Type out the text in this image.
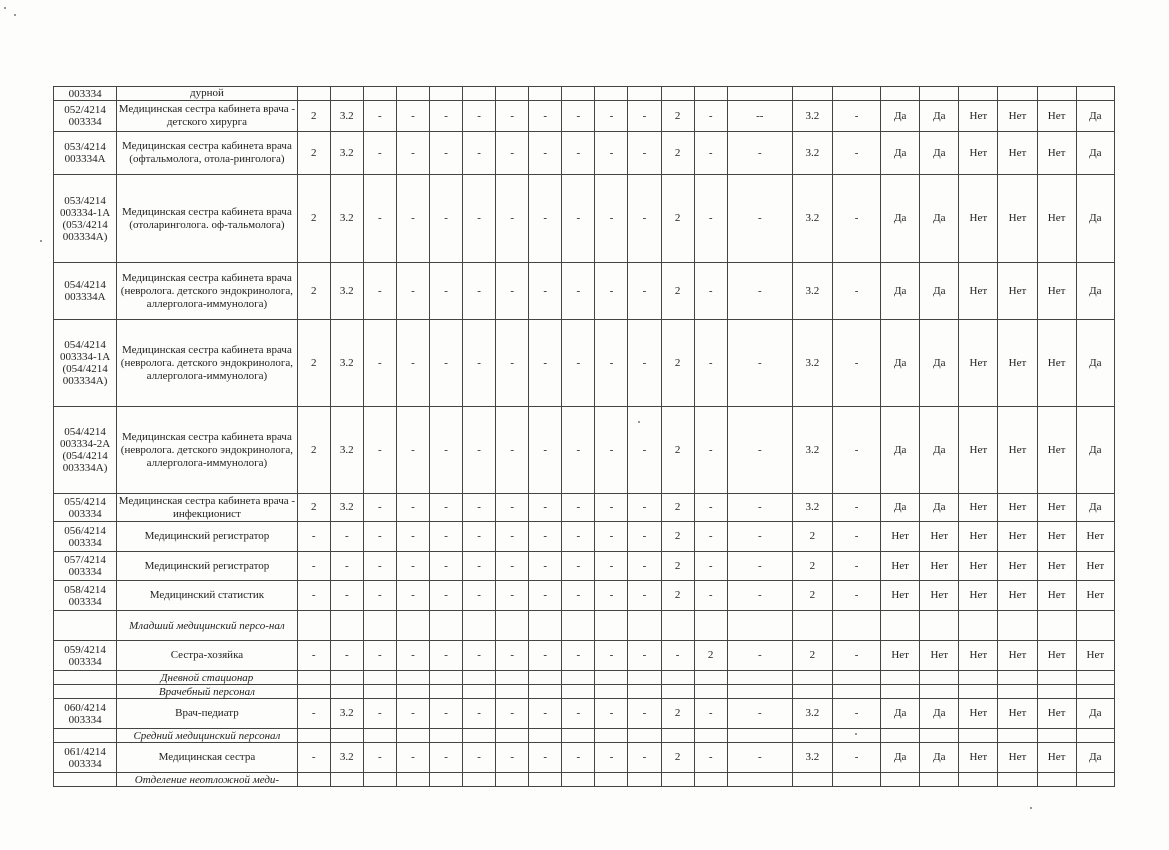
003334	дурной																						
052/4214 003334	Медицинская сестра кабинета врача - детского хирурга	2	3.2	-	-	-	-	-	-	-	-	-	2	-	--	3.2	-	Да	Да	Нет	Нет	Нет	Да
053/4214 003334А	Медицинская сестра кабинета врача (офтальмолога, отола-ринголога)	2	3.2	-	-	-	-	-	-	-	-	-	2	-	-	3.2	-	Да	Да	Нет	Нет	Нет	Да
053/4214 003334-1А (053/4214 003334А)	Медицинская сестра кабинета врача (отоларинголога. оф-тальмолога)	2	3.2	-	-	-	-	-	-	-	-	-	2	-	-	3.2	-	Да	Да	Нет	Нет	Нет	Да
054/4214 003334А	Медицинская сестра кабинета врача (невролога. детского эндокринолога, аллерголога-иммунолога)	2	3.2	-	-	-	-	-	-	-	-	-	2	-	-	3.2	-	Да	Да	Нет	Нет	Нет	Да
054/4214 003334-1А (054/4214 003334А)	Медицинская сестра кабинета врача (невролога. детского эндокринолога, аллерголога-иммунолога)	2	3.2	-	-	-	-	-	-	-	-	-	2	-	-	3.2	-	Да	Да	Нет	Нет	Нет	Да
054/4214 003334-2А (054/4214 003334А)	Медицинская сестра кабинета врача (невролога. детского эндокринолога, аллерголога-иммунолога)	2	3.2	-	-	-	-	-	-	-	-	-	2	-	-	3.2	-	Да	Да	Нет	Нет	Нет	Да
055/4214 003334	Медицинская сестра кабинета врача - инфекционист	2	3.2	-	-	-	-	-	-	-	-	-	2	-	-	3.2	-	Да	Да	Нет	Нет	Нет	Да
056/4214 003334	Медицинский регистратор	-	-	-	-	-	-	-	-	-	-	-	2	-	-	2	-	Нет	Нет	Нет	Нет	Нет	Нет
057/4214 003334	Медицинский регистратор	-	-	-	-	-	-	-	-	-	-	-	2	-	-	2	-	Нет	Нет	Нет	Нет	Нет	Нет
058/4214 003334	Медицинский статистик	-	-	-	-	-	-	-	-	-	-	-	2	-	-	2	-	Нет	Нет	Нет	Нет	Нет	Нет
	Младший медицинский персо-нал																						
059/4214 003334	Сестра-хозяйка	-	-	-	-	-	-	-	-	-	-	-	-	2	-	2	-	Нет	Нет	Нет	Нет	Нет	Нет
	Дневной стационар																						
	Врачебный персонал																						
060/4214 003334	Врач-педиатр	-	3.2	-	-	-	-	-	-	-	-	-	2	-	-	3.2	-	Да	Да	Нет	Нет	Нет	Да
	Средний медицинский персонал																						
061/4214 003334	Медицинская сестра	-	3.2	-	-	-	-	-	-	-	-	-	2	-	-	3.2	-	Да	Да	Нет	Нет	Нет	Да
	Отделение неотложной меди-																						
